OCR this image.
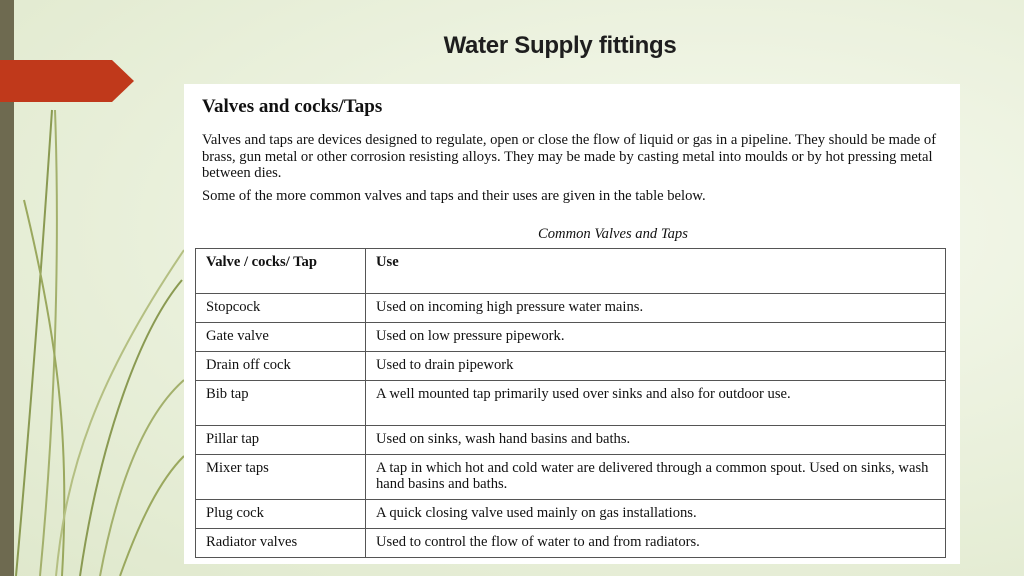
Water Supply fittings
Valves and cocks/Taps

Valves and taps are devices designed to regulate, open or close the flow of liquid or gas in a pipeline. They should be made of brass, gun metal or other corrosion resisting alloys. They may be made by casting metal into moulds or by hot pressing metal between dies.

Some of the more common valves and taps and their uses are given in the table below.

Common Valves and Taps

Valve / cocks/ Tap	Use
Stopcock	Used on incoming high pressure water mains.
Gate valve	Used on low pressure pipework.
Drain off cock	Used to drain pipework
Bib tap	A well mounted tap primarily used over sinks and also for outdoor use.
Pillar tap	Used on sinks, wash hand basins and baths.
Mixer taps	A tap in which hot and cold water are delivered through a common spout. Used on sinks, wash hand basins and baths.
Plug cock	A quick closing valve used mainly on gas installations.
Radiator valves	Used to control the flow of water to and from radiators.
